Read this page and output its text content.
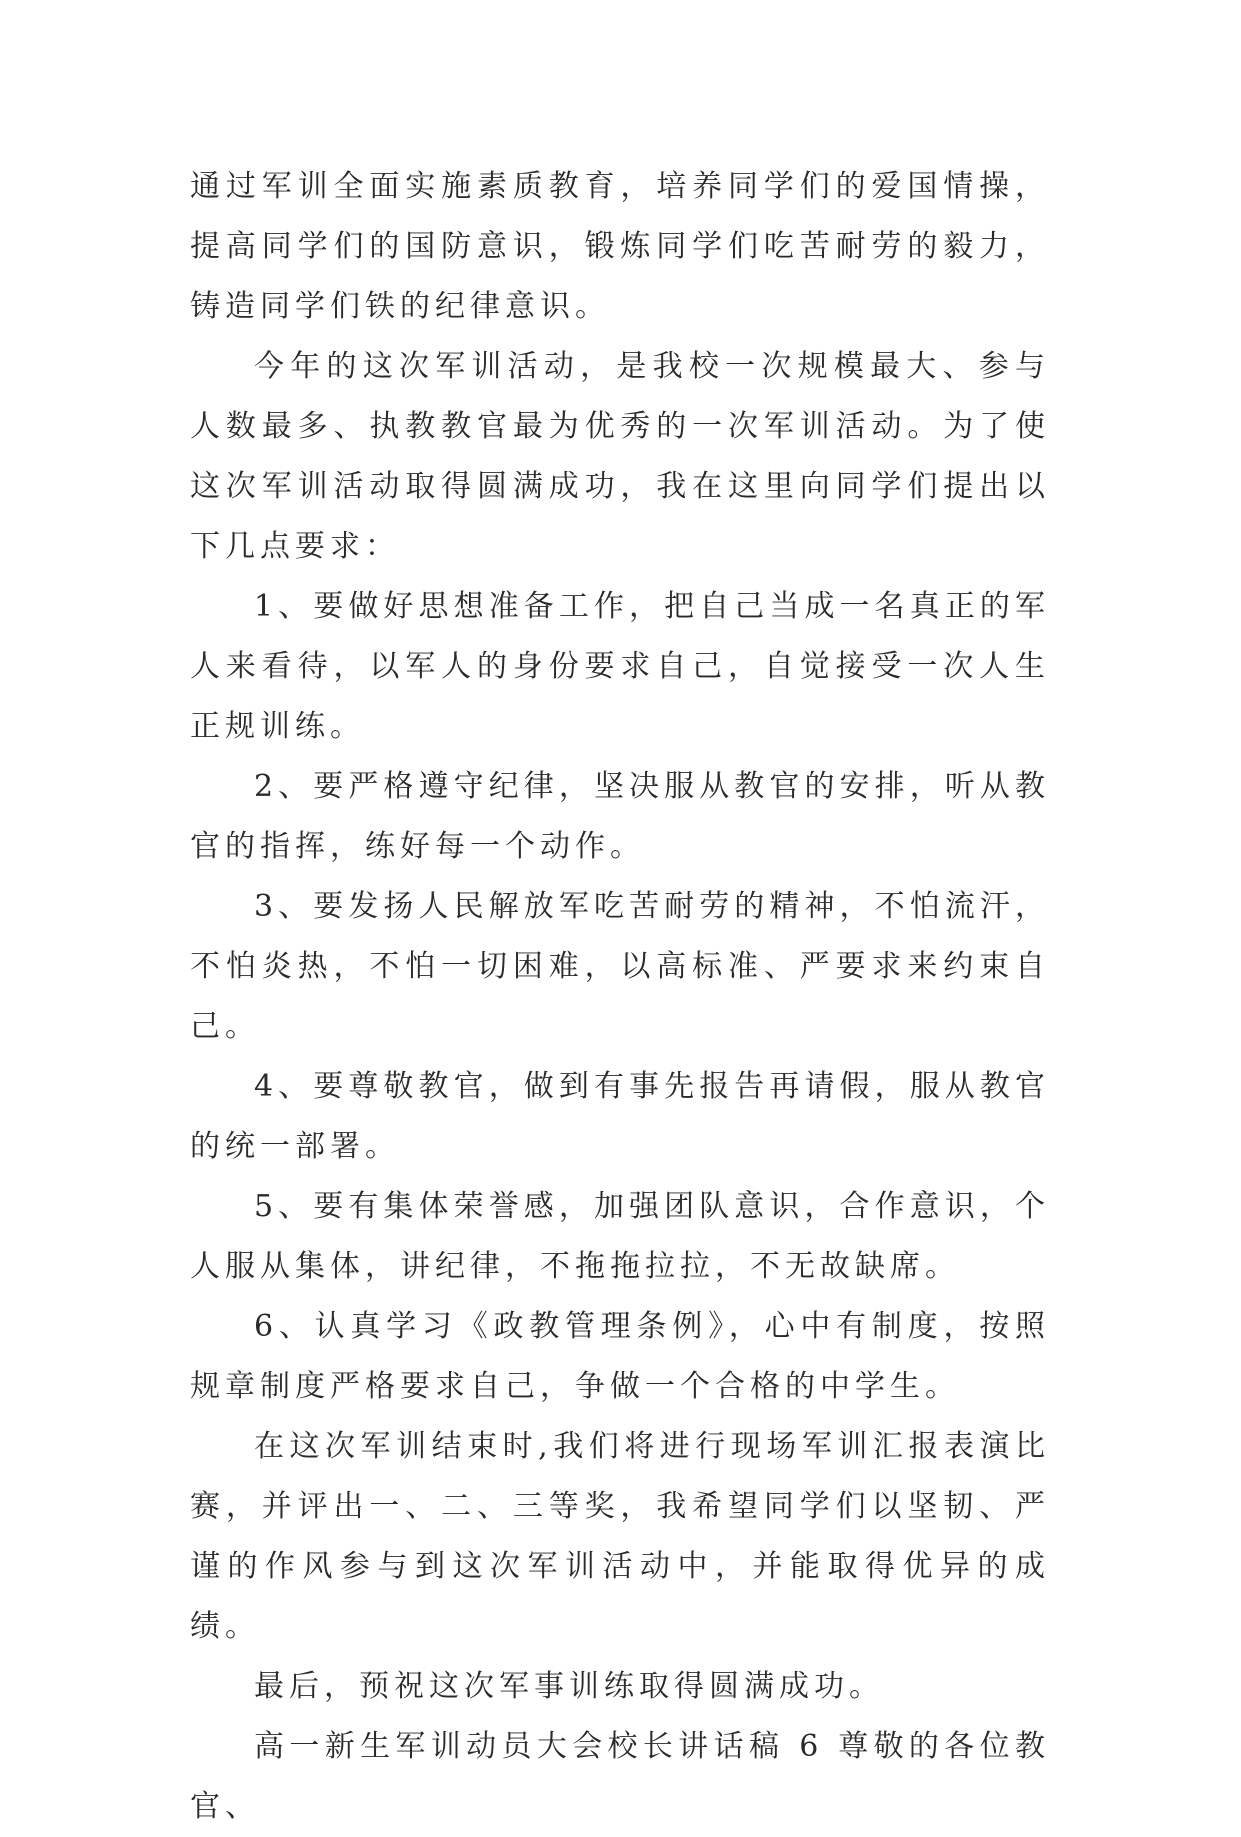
通过军训全面实施素质教育，培养同学们的爱国情操，提高同学们的国防意识，锻炼同学们吃苦耐劳的毅力，铸造同学们铁的纪律意识。

今年的这次军训活动，是我校一次规模最大、参与人数最多、执教教官最为优秀的一次军训活动。为了使这次军训活动取得圆满成功，我在这里向同学们提出以下几点要求：

1、要做好思想准备工作，把自己当成一名真正的军人来看待，以军人的身份要求自己，自觉接受一次人生正规训练。

2、要严格遵守纪律，坚决服从教官的安排，听从教官的指挥，练好每一个动作。

3、要发扬人民解放军吃苦耐劳的精神，不怕流汗，不怕炎热，不怕一切困难，以高标准、严要求来约束自己。

4、要尊敬教官，做到有事先报告再请假，服从教官的统一部署。

5、要有集体荣誉感，加强团队意识，合作意识，个人服从集体，讲纪律，不拖拖拉拉，不无故缺席。

6、认真学习《政教管理条例》，心中有制度，按照规章制度严格要求自己，争做一个合格的中学生。

在这次军训结束时,我们将进行现场军训汇报表演比赛，并评出一、二、三等奖，我希望同学们以坚韧、严谨的作风参与到这次军训活动中，并能取得优异的成绩。

最后，预祝这次军事训练取得圆满成功。

高一新生军训动员大会校长讲话稿 6 尊敬的各位教官、
